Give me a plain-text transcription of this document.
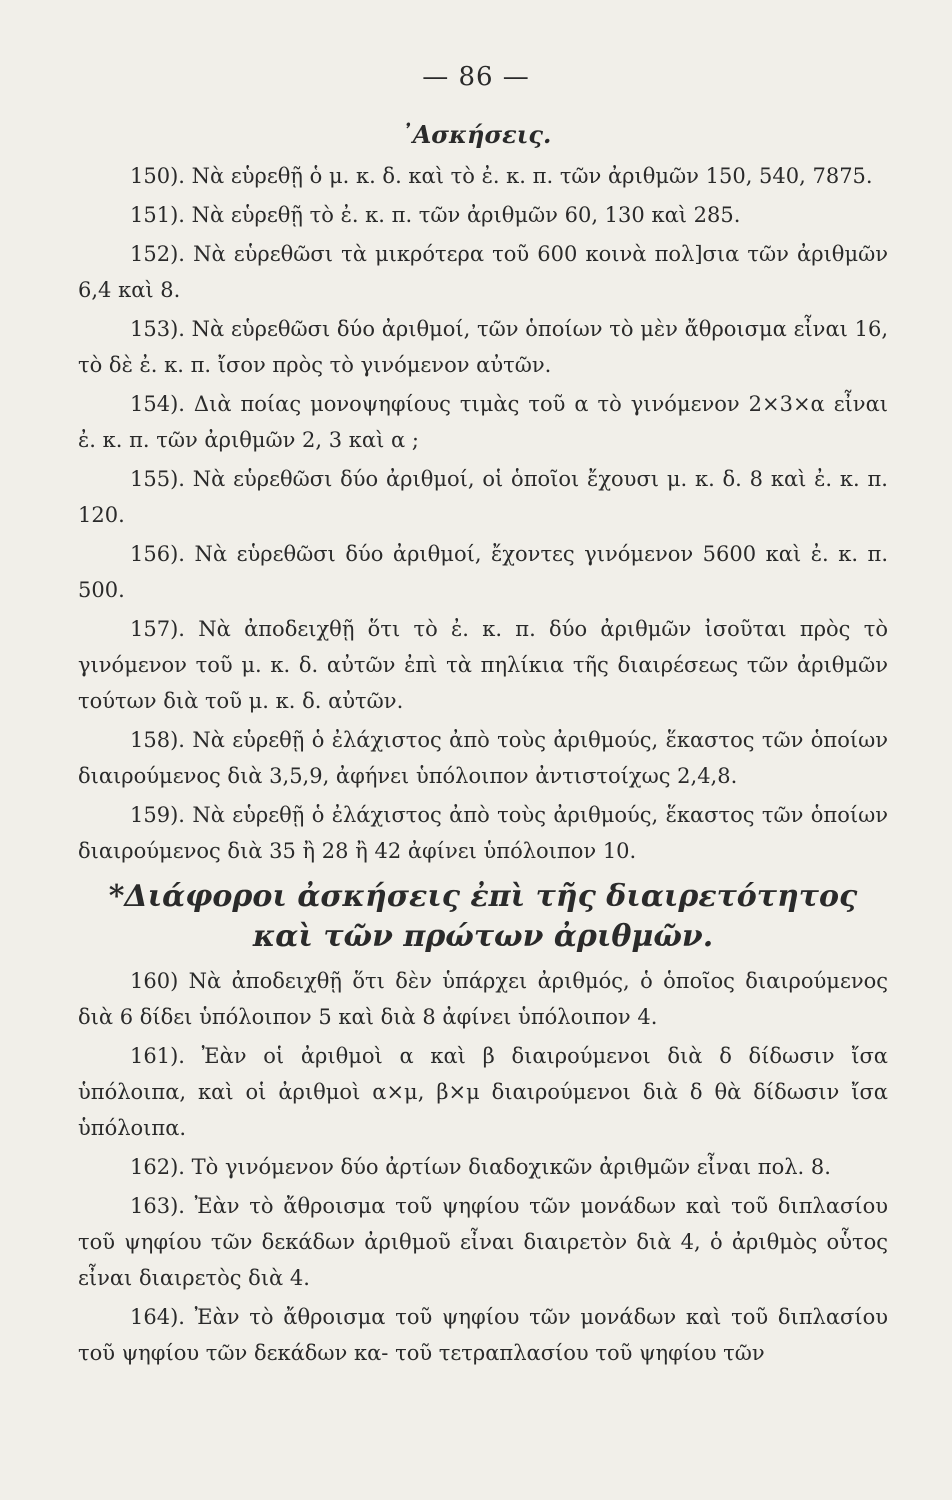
— 86 —
᾿Ασκήσεις.

150). Νὰ εὑρεθῇ ὁ μ. κ. δ. καὶ τὸ ἐ. κ. π. τῶν ἀριθμῶν 150, 540, 7875.

151). Νὰ εὑρεθῇ τὸ ἐ. κ. π. τῶν ἀριθμῶν 60, 130 καὶ 285.

152). Νὰ εὑρεθῶσι τὰ μικρότερα τοῦ 600 κοινὰ πολ]σια τῶν ἀριθμῶν 6,4 καὶ 8.

153). Νὰ εὑρεθῶσι δύο ἀριθμοί, τῶν ὁποίων τὸ μὲν ἄθροισμα εἶναι 16, τὸ δὲ ἐ. κ. π. ἴσον πρὸς τὸ γινόμενον αὐτῶν.

154). Διὰ ποίας μονοψηφίους τιμὰς τοῦ α τὸ γινόμενον 2×3×α εἶναι ἐ. κ. π. τῶν ἀριθμῶν 2, 3 καὶ α ;

155). Νὰ εὑρεθῶσι δύο ἀριθμοί, οἱ ὁποῖοι ἔχουσι μ. κ. δ. 8 καὶ ἐ. κ. π. 120.

156). Νὰ εὑρεθῶσι δύο ἀριθμοί, ἔχοντες γινόμενον 5600 καὶ ἐ. κ. π. 500.

157). Νὰ ἀποδειχθῇ ὅτι τὸ ἐ. κ. π. δύο ἀριθμῶν ἰσοῦται πρὸς τὸ γινόμενον τοῦ μ. κ. δ. αὐτῶν ἐπὶ τὰ πηλίκια τῆς διαιρέσεως τῶν ἀριθμῶν τούτων διὰ τοῦ μ. κ. δ. αὐτῶν.

158). Νὰ εὑρεθῇ ὁ ἐλάχιστος ἀπὸ τοὺς ἀριθμούς, ἕκαστος τῶν ὁποίων διαιρούμενος διὰ 3,5,9, ἀφήνει ὑπόλοιπον ἀντιστοίχως 2,4,8.

159). Νὰ εὑρεθῇ ὁ ἐλάχιστος ἀπὸ τοὺς ἀριθμούς, ἕκαστος τῶν ὁποίων διαιρούμενος διὰ 35 ἢ 28 ἢ 42 ἀφίνει ὑπόλοιπον 10.

*Διάφοροι ἀσκήσεις ἐπὶ τῆς διαιρετότητος
καὶ τῶν πρώτων ἀριθμῶν.

160) Νὰ ἀποδειχθῇ ὅτι δὲν ὑπάρχει ἀριθμός, ὁ ὁποῖος διαιρούμενος διὰ 6 δίδει ὑπόλοιπον 5 καὶ διὰ 8 ἀφίνει ὑπόλοιπον 4.

161). Ἐὰν οἱ ἀριθμοὶ α καὶ β διαιρούμενοι διὰ δ δίδωσιν ἴσα ὑπόλοιπα, καὶ οἱ ἀριθμοὶ α×μ, β×μ διαιρούμενοι διὰ δ θὰ δίδωσιν ἴσα ὑπόλοιπα.

162). Τὸ γινόμενον δύο ἀρτίων διαδοχικῶν ἀριθμῶν εἶναι πολ. 8.

163). Ἐὰν τὸ ἄθροισμα τοῦ ψηφίου τῶν μονάδων καὶ τοῦ διπλασίου τοῦ ψηφίου τῶν δεκάδων ἀριθμοῦ εἶναι διαιρετὸν διὰ 4, ὁ ἀριθμὸς οὗτος εἶναι διαιρετὸς διὰ 4.

164). Ἐὰν τὸ ἄθροισμα τοῦ ψηφίου τῶν μονάδων καὶ τοῦ διπλασίου τοῦ ψηφίου τῶν δεκάδων κα- τοῦ τετραπλασίου τοῦ ψηφίου τῶν
